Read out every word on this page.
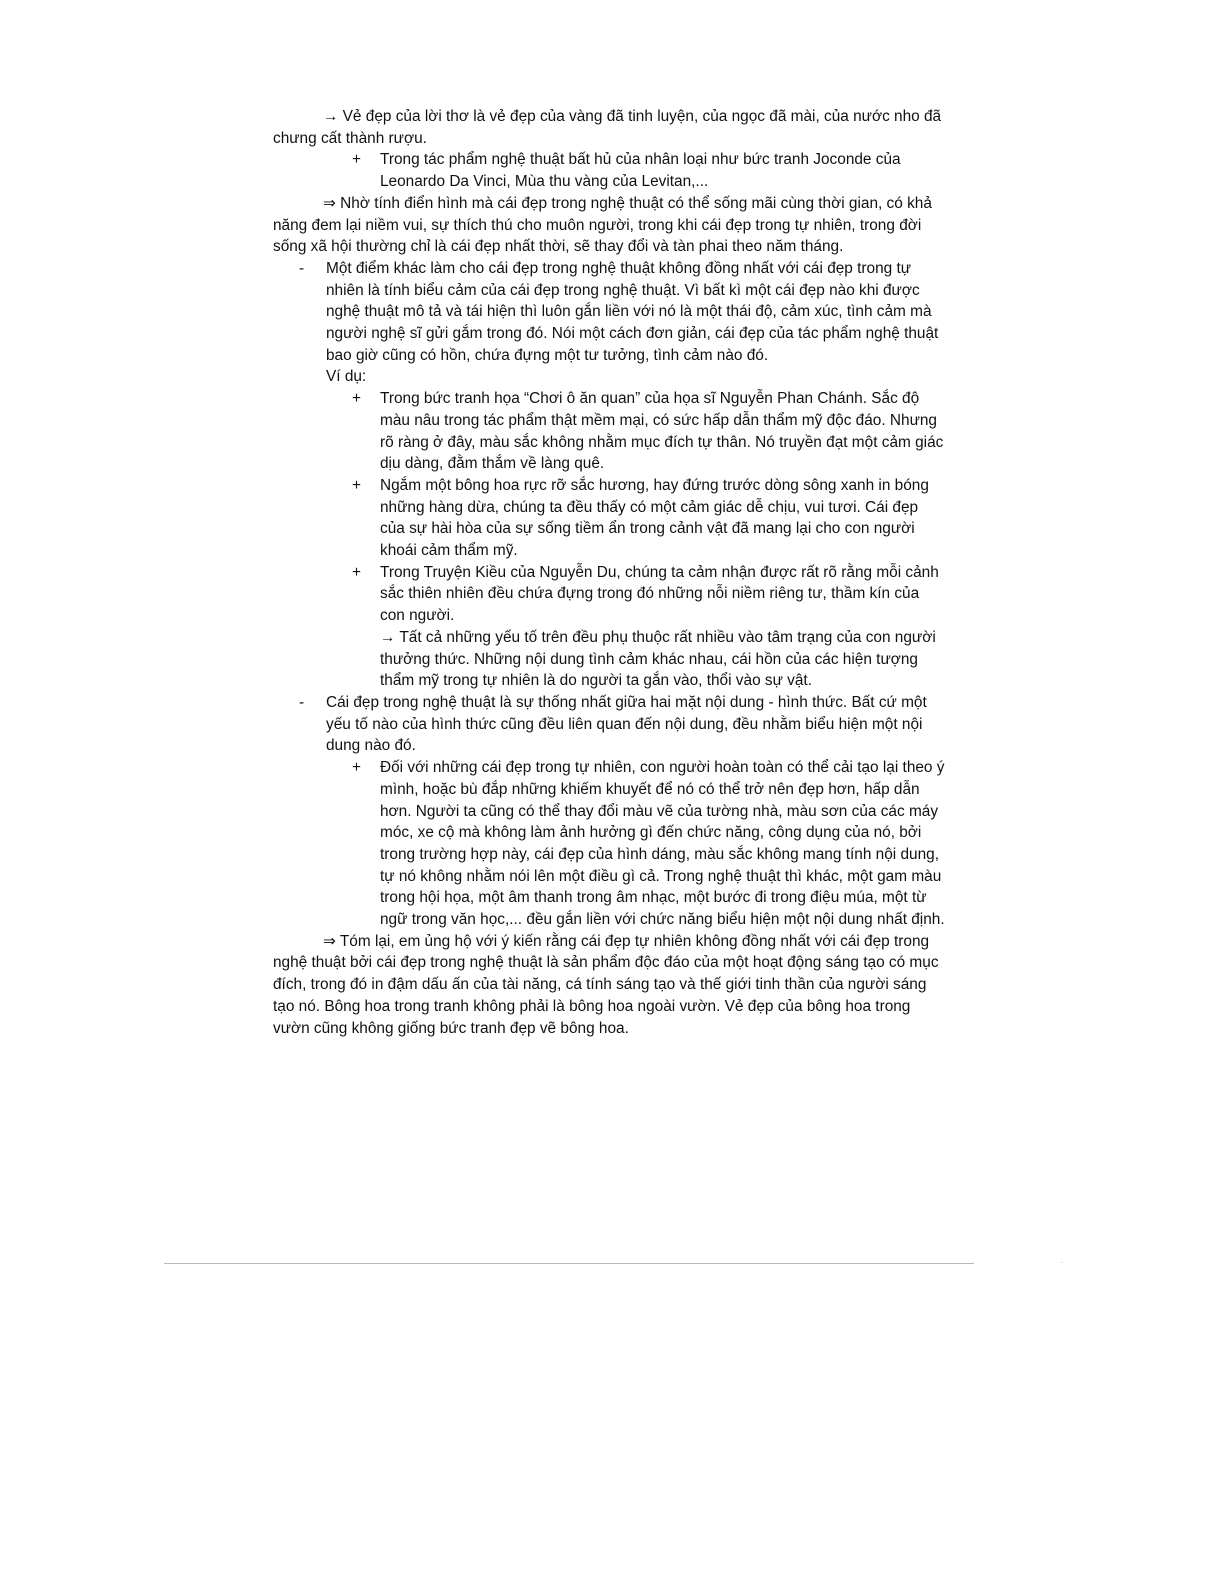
→ Vẻ đẹp của lời thơ là vẻ đẹp của vàng đã tinh luyện, của ngọc đã mài, của nước nho đã chưng cất thành rượu.

+ Trong tác phẩm nghệ thuật bất hủ của nhân loại như bức tranh Joconde của Leonardo Da Vinci, Mùa thu vàng của Levitan,...

⇒ Nhờ tính điển hình mà cái đẹp trong nghệ thuật có thể sống mãi cùng thời gian, có khả năng đem lại niềm vui, sự thích thú cho muôn người, trong khi cái đẹp trong tự nhiên, trong đời sống xã hội thường chỉ là cái đẹp nhất thời, sẽ thay đổi và tàn phai theo năm tháng.

- Một điểm khác làm cho cái đẹp trong nghệ thuật không đồng nhất với cái đẹp trong tự nhiên là tính biểu cảm của cái đẹp trong nghệ thuật. Vì bất kì một cái đẹp nào khi được nghệ thuật mô tả và tái hiện thì luôn gắn liền với nó là một thái độ, cảm xúc, tình cảm mà người nghệ sĩ gửi gắm trong đó. Nói một cách đơn giản, cái đẹp của tác phẩm nghệ thuật bao giờ cũng có hồn, chứa đựng một tư tưởng, tình cảm nào đó.

Ví dụ:

+ Trong bức tranh họa “Chơi ô ăn quan” của họa sĩ Nguyễn Phan Chánh. Sắc độ màu nâu trong tác phẩm thật mềm mại, có sức hấp dẫn thẩm mỹ độc đáo. Nhưng rõ ràng ở đây, màu sắc không nhằm mục đích tự thân. Nó truyền đạt một cảm giác dịu dàng, đằm thắm về làng quê.

+ Ngắm một bông hoa rực rỡ sắc hương, hay đứng trước dòng sông xanh in bóng những hàng dừa, chúng ta đều thấy có một cảm giác dễ chịu, vui tươi. Cái đẹp của sự hài hòa của sự sống tiềm ẩn trong cảnh vật đã mang lại cho con người khoái cảm thẩm mỹ.

+ Trong Truyện Kiều của Nguyễn Du, chúng ta cảm nhận được rất rõ rằng mỗi cảnh sắc thiên nhiên đều chứa đựng trong đó những nỗi niềm riêng tư, thầm kín của con người.

→ Tất cả những yếu tố trên đều phụ thuộc rất nhiều vào tâm trạng của con người thưởng thức. Những nội dung tình cảm khác nhau, cái hồn của các hiện tượng thẩm mỹ trong tự nhiên là do người ta gắn vào, thổi vào sự vật.

- Cái đẹp trong nghệ thuật là sự thống nhất giữa hai mặt nội dung - hình thức. Bất cứ một yếu tố nào của hình thức cũng đều liên quan đến nội dung, đều nhằm biểu hiện một nội dung nào đó.

+ Đối với những cái đẹp trong tự nhiên, con người hoàn toàn có thể cải tạo lại theo ý mình, hoặc bù đắp những khiếm khuyết để nó có thể trở nên đẹp hơn, hấp dẫn hơn. Người ta cũng có thể thay đổi màu vẽ của tường nhà, màu sơn của các máy móc, xe cộ mà không làm ảnh hưởng gì đến chức năng, công dụng của nó, bởi trong trường hợp này, cái đẹp của hình dáng, màu sắc không mang tính nội dung, tự nó không nhằm nói lên một điều gì cả. Trong nghệ thuật thì khác, một gam màu trong hội họa, một âm thanh trong âm nhạc, một bước đi trong điệu múa, một từ ngữ trong văn học,... đều gắn liền với chức năng biểu hiện một nội dung nhất định.

⇒ Tóm lại, em ủng hộ với ý kiến rằng cái đẹp tự nhiên không đồng nhất với cái đẹp trong nghệ thuật bởi cái đẹp trong nghệ thuật là sản phẩm độc đáo của một hoạt động sáng tạo có mục đích, trong đó in đậm dấu ấn của tài năng, cá tính sáng tạo và thế giới tinh thần của người sáng tạo nó. Bông hoa trong tranh không phải là bông hoa ngoài vườn. Vẻ đẹp của bông hoa trong vườn cũng không giống bức tranh đẹp vẽ bông hoa.
